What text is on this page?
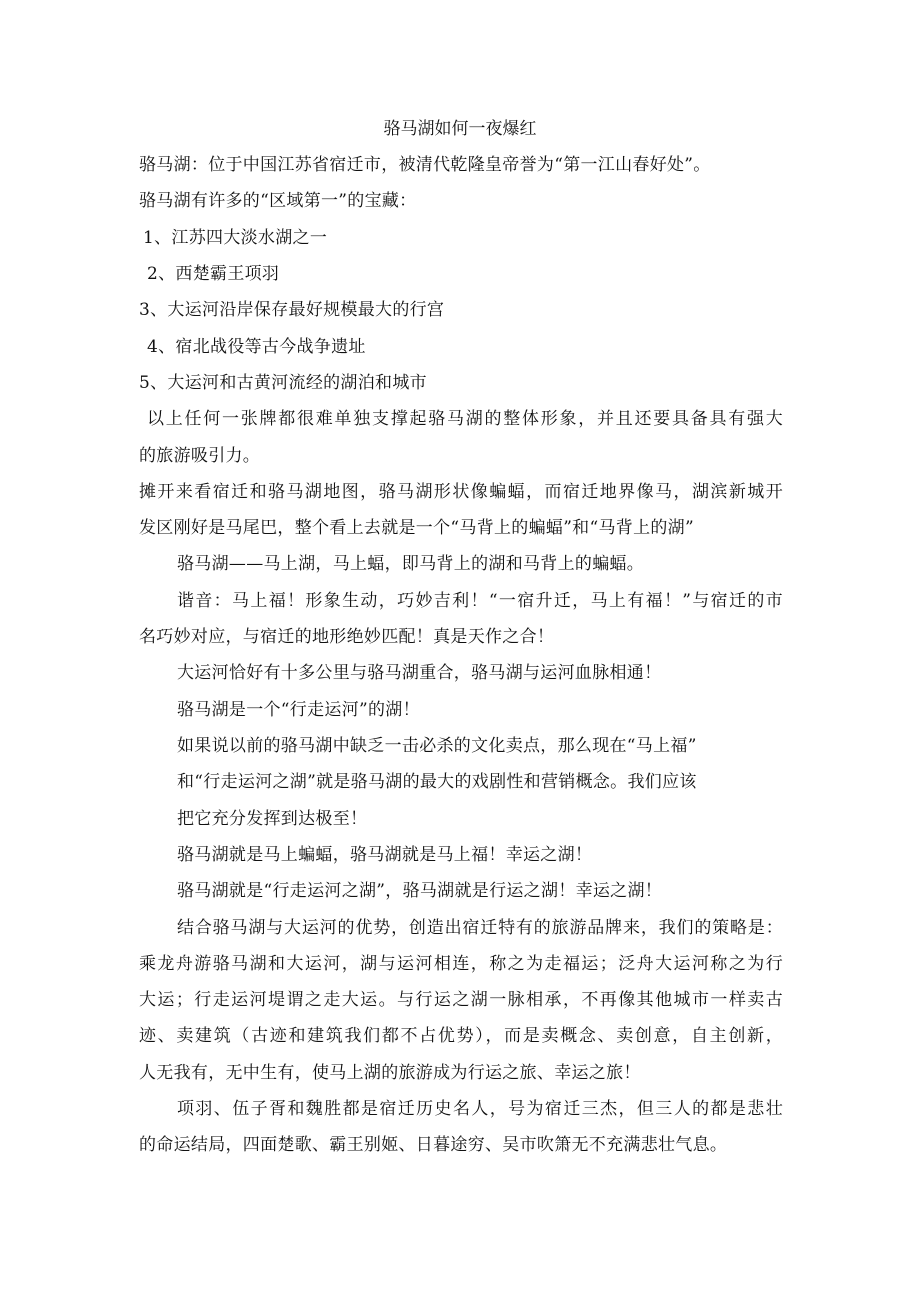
骆马湖如何一夜爆红
骆马湖：位于中国江苏省宿迁市，被清代乾隆皇帝誉为“第一江山春好处”。
骆马湖有许多的“区域第一”的宝藏：
1、江苏四大淡水湖之一
2、西楚霸王项羽
3、大运河沿岸保存最好规模最大的行宫
4、宿北战役等古今战争遗址
5、大运河和古黄河流经的湖泊和城市
以上任何一张牌都很难单独支撑起骆马湖的整体形象，并且还要具备具有强大
的旅游吸引力。
摊开来看宿迁和骆马湖地图，骆马湖形状像蝙蝠，而宿迁地界像马，湖滨新城开
发区刚好是马尾巴，整个看上去就是一个“马背上的蝙蝠”和“马背上的湖”
骆马湖——马上湖，马上蝠，即马背上的湖和马背上的蝙蝠。
谐音：马上福！形象生动，巧妙吉利！“一宿升迁，马上有福！”与宿迁的市
名巧妙对应，与宿迁的地形绝妙匹配！真是天作之合！
大运河恰好有十多公里与骆马湖重合，骆马湖与运河血脉相通！
骆马湖是一个“行走运河”的湖！
如果说以前的骆马湖中缺乏一击必杀的文化卖点，那么现在“马上福”
和“行走运河之湖”就是骆马湖的最大的戏剧性和营销概念。我们应该
把它充分发挥到达极至！
骆马湖就是马上蝙蝠，骆马湖就是马上福！幸运之湖！
骆马湖就是“行走运河之湖”，骆马湖就是行运之湖！幸运之湖！
结合骆马湖与大运河的优势，创造出宿迁特有的旅游品牌来，我们的策略是：
乘龙舟游骆马湖和大运河，湖与运河相连，称之为走福运；泛舟大运河称之为行
大运；行走运河堤谓之走大运。与行运之湖一脉相承，不再像其他城市一样卖古
迹、卖建筑（古迹和建筑我们都不占优势），而是卖概念、卖创意，自主创新，
人无我有，无中生有，使马上湖的旅游成为行运之旅、幸运之旅！
项羽、伍子胥和魏胜都是宿迁历史名人，号为宿迁三杰，但三人的都是悲壮
的命运结局，四面楚歌、霸王别姬、日暮途穷、吴市吹箫无不充满悲壮气息。
